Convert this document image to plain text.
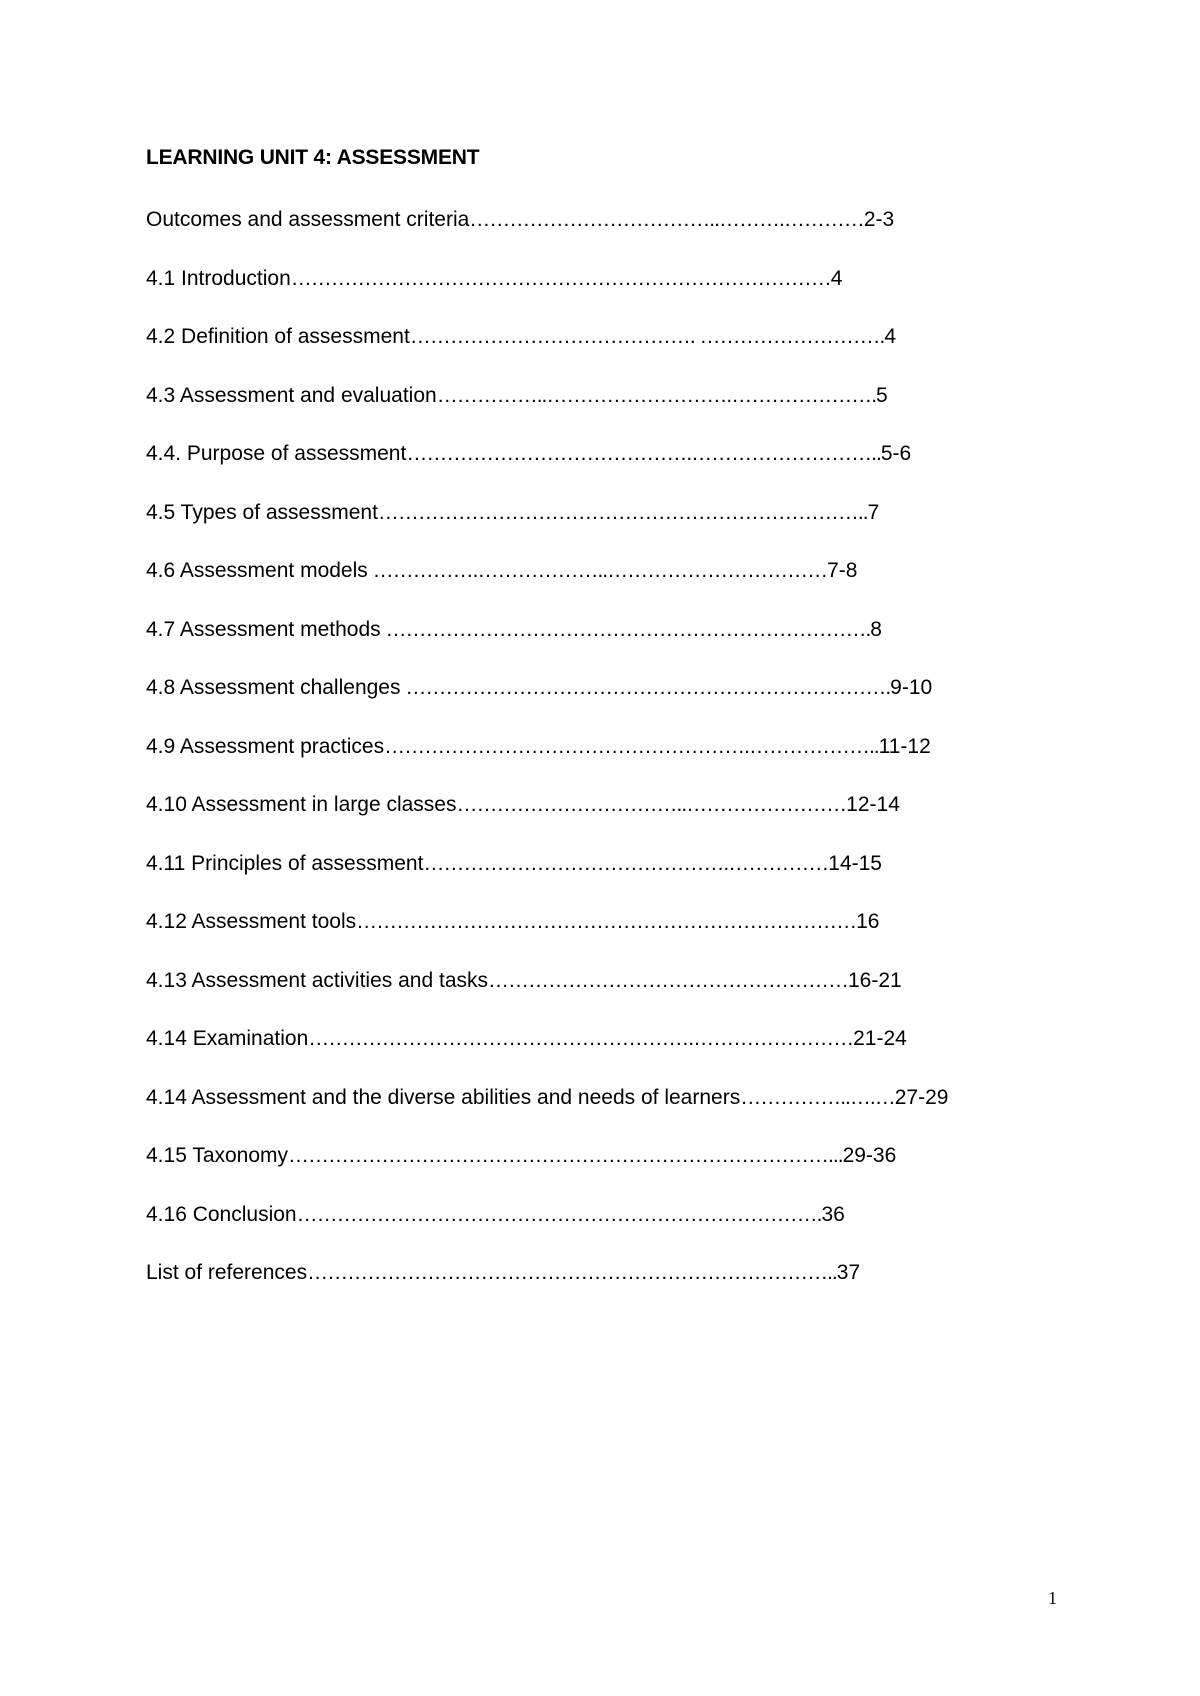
LEARNING UNIT 4: ASSESSMENT
Outcomes and assessment criteria………………………………..……….…………2-3
4.1 Introduction………………………………………………………………………4
4.2 Definition of assessment……………………………………. ……………………….4
4.3 Assessment and evaluation……………..……………………….………………….5
4.4. Purpose of assessment…………………………………….………………………..5-6
4.5 Types of assessment………………………………………………………………..7
4.6 Assessment models …………….………………..……………………………7-8
4.7 Assessment methods ……………………………………………………………….8
4.8 Assessment challenges ……………………………………………………………….9-10
4.9 Assessment practices……………………………………………….………………..11-12
4.10 Assessment in large classes……………………………..……………………12-14
4.11 Principles of assessment……………………………………….……………14-15
4.12 Assessment tools…………………………………………………………………16
4.13 Assessment activities and tasks………………………………………………16-21
4.14 Examination………………………………………………….……………………21-24
4.14 Assessment and the diverse abilities and needs of learners……………..….…27-29
4.15 Taxonomy………………………………………………………………………...29-36
4.16 Conclusion…………………………………………………………………….36
List of references……………………………………………………………………..37
1
